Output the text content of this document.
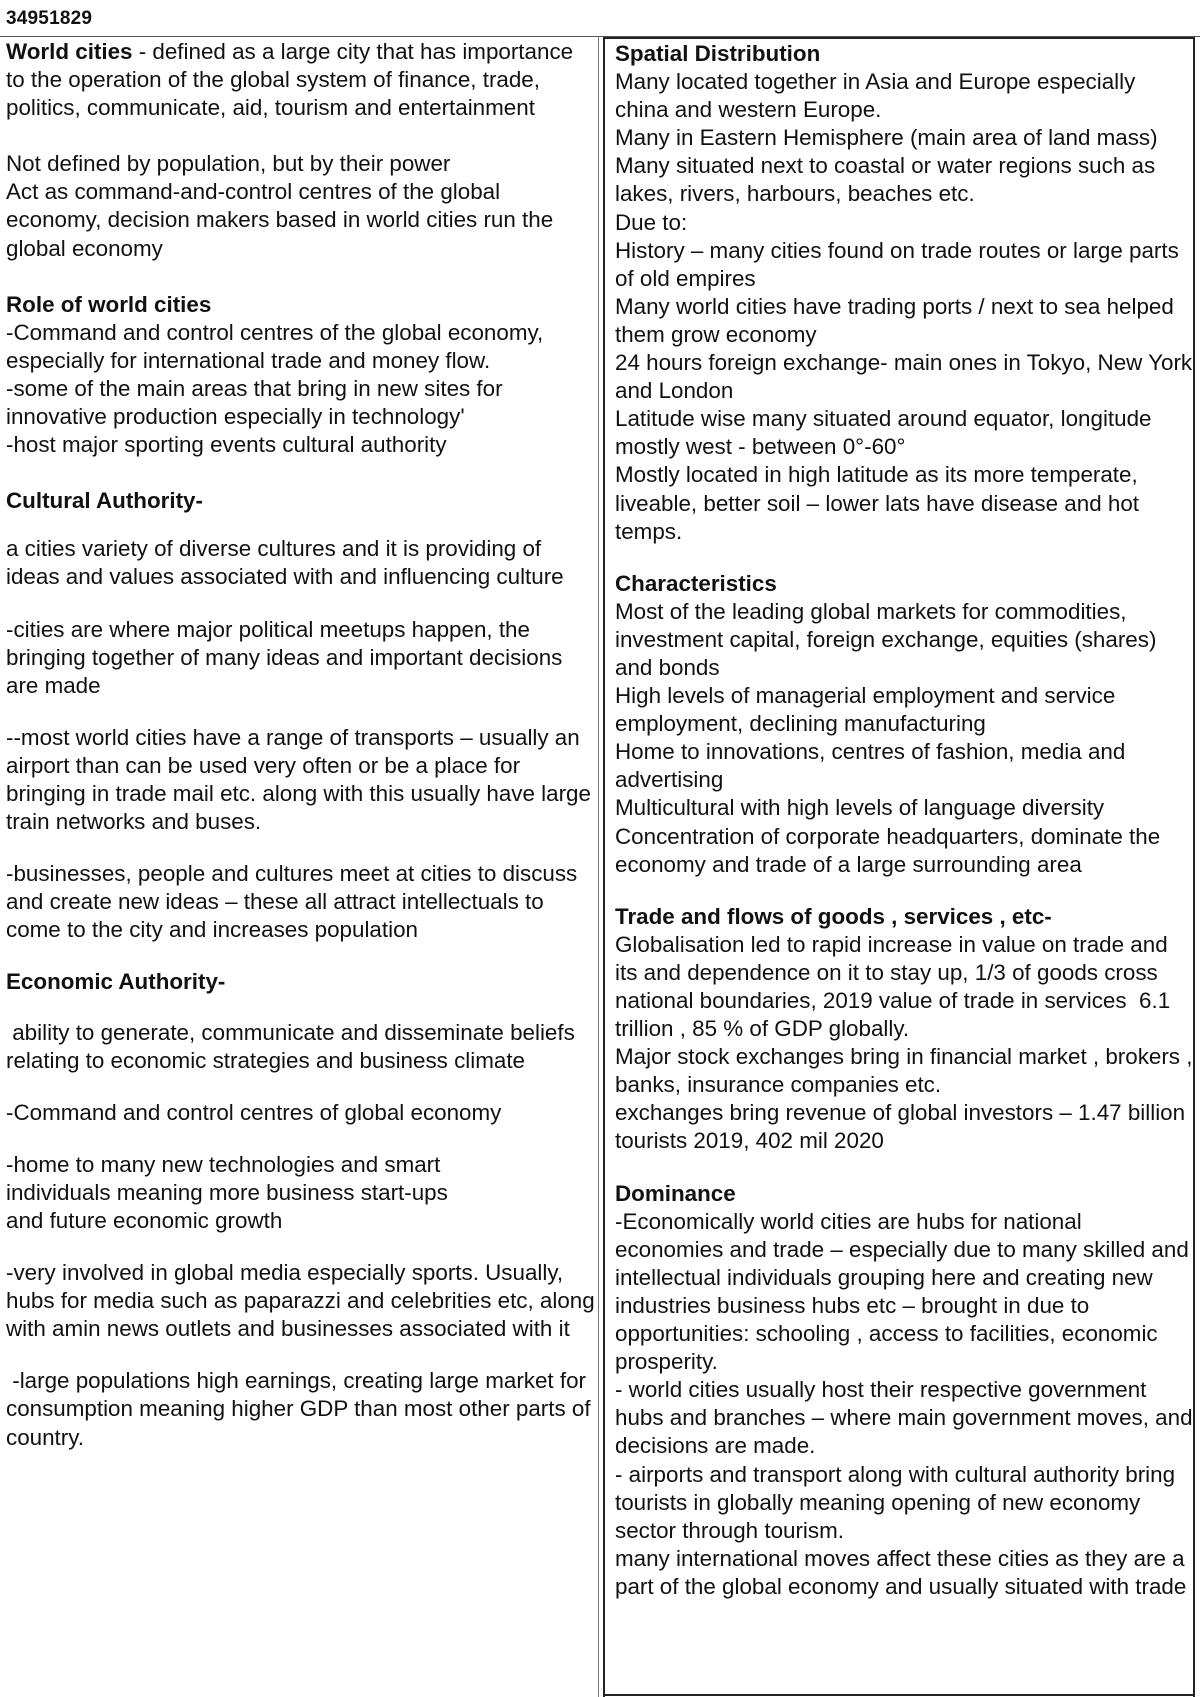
34951829

World cities - defined as a large city that has importance to the operation of the global system of finance, trade, politics, communicate, aid, tourism and entertainment

Not defined by population, but by their power

Act as command-and-control centres of the global economy, decision makers based in world cities run the global economy

Role of world cities

-Command and control centres of the global economy, especially for international trade and money flow.

-some of the main areas that bring in new sites for innovative production especially in technology'

-host major sporting events cultural authority

Cultural Authority-

a cities variety of diverse cultures and it is providing of ideas and values associated with and influencing culture

-cities are where major political meetups happen, the bringing together of many ideas and important decisions are made

--most world cities have a range of transports – usually an airport than can be used very often or be a place for bringing in trade mail etc. along with this usually have large train networks and buses.

-businesses, people and cultures meet at cities to discuss and create new ideas – these all attract intellectuals to come to the city and increases population

Economic Authority-

ability to generate, communicate and disseminate beliefs relating to economic strategies and business climate

-Command and control centres of global economy

-home to many new technologies and smart individuals meaning more business start-ups and future economic growth

-very involved in global media especially sports. Usually, hubs for media such as paparazzi and celebrities etc, along with amin news outlets and businesses associated with it

-large populations high earnings, creating large market for consumption meaning higher GDP than most other parts of country.

Spatial Distribution

Many located together in Asia and Europe especially china and western Europe.

Many in Eastern Hemisphere (main area of land mass)

Many situated next to coastal or water regions such as lakes, rivers, harbours, beaches etc.

Due to:

History – many cities found on trade routes or large parts of old empires

Many world cities have trading ports / next to sea helped them grow economy

24 hours foreign exchange- main ones in Tokyo, New York and London

Latitude wise many situated around equator, longitude mostly west - between 0°-60°

Mostly located in high latitude as its more temperate, liveable, better soil – lower lats have disease and hot temps.

Characteristics

Most of the leading global markets for commodities, investment capital, foreign exchange, equities (shares) and bonds

High levels of managerial employment and service employment, declining manufacturing

Home to innovations, centres of fashion, media and advertising

Multicultural with high levels of language diversity

Concentration of corporate headquarters, dominate the economy and trade of a large surrounding area

Trade and flows of goods , services , etc-

Globalisation led to rapid increase in value on trade and its and dependence on it to stay up, 1/3 of goods cross national boundaries, 2019 value of trade in services  6.1 trillion , 85 % of GDP globally.

Major stock exchanges bring in financial market , brokers , banks, insurance companies etc.

exchanges bring revenue of global investors – 1.47 billion tourists 2019, 402 mil 2020

Dominance

-Economically world cities are hubs for national economies and trade – especially due to many skilled and intellectual individuals grouping here and creating new industries business hubs etc – brought in due to opportunities: schooling , access to facilities, economic prosperity.

- world cities usually host their respective government hubs and branches – where main government moves, and decisions are made.

- airports and transport along with cultural authority bring tourists in globally meaning opening of new economy sector through tourism.

many international moves affect these cities as they are a part of the global economy and usually situated with trade
